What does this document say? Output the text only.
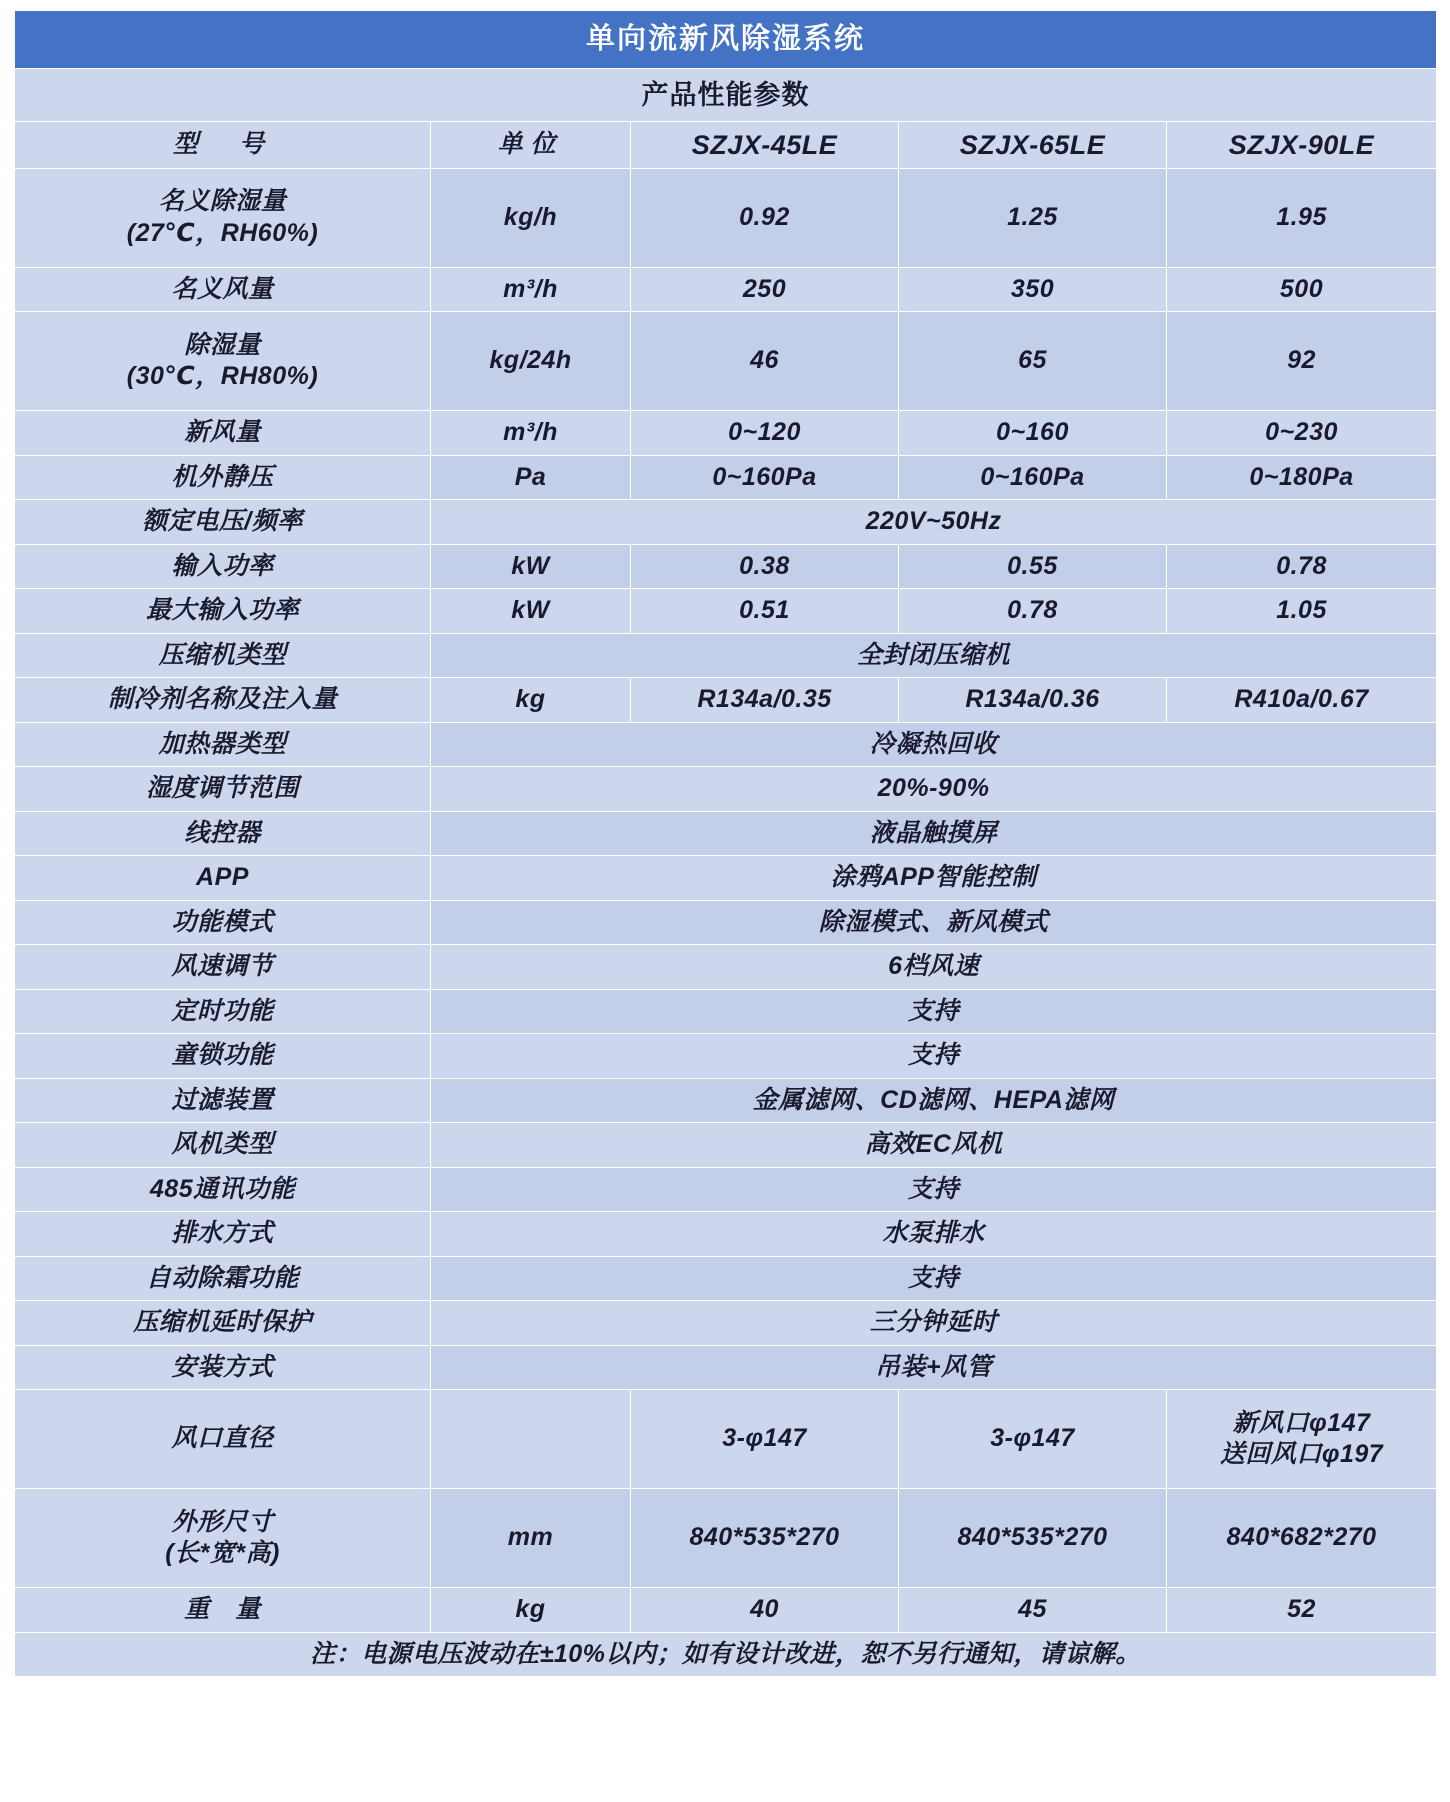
单向流新风除湿系统				
产品性能参数				
型　号	单位	SZJX-45LE	SZJX-65LE	SZJX-90LE

名义除湿量
(27℃，RH60%)	kg/h	0.92	1.25	1.95
名义风量	m³/h	250	350	500

除湿量
(30℃，RH80%)	kg/24h	46	65	92
新风量	m³/h	0~120	0~160	0~230
机外静压	Pa	0~160Pa	0~160Pa	0~180Pa
额定电压/频率	220V~50Hz			
输入功率	kW	0.38	0.55	0.78
最大输入功率	kW	0.51	0.78	1.05
压缩机类型	全封闭压缩机			
制冷剂名称及注入量	kg	R134a/0.35	R134a/0.36	R410a/0.67
加热器类型	冷凝热回收			
湿度调节范围	20%-90%			
线控器	液晶触摸屏			
APP	涂鸦APP智能控制			
功能模式	除湿模式、新风模式			
风速调节	6档风速			
定时功能	支持			
童锁功能	支持			
过滤装置	金属滤网、CD滤网、HEPA滤网			
风机类型	高效EC风机			
485通讯功能	支持			
排水方式	水泵排水			
自动除霜功能	支持			
压缩机延时保护	三分钟延时			
安装方式	吊装+风管			
风口直径		3-φ147	3-φ147	新风口φ147
送回风口φ197

外形尺寸
(长*宽*高)	mm	840*535*270	840*535*270	840*682*270
重　量	kg	40	45	52
注：电源电压波动在±10%以内；如有设计改进，恕不另行通知，请谅解。				
